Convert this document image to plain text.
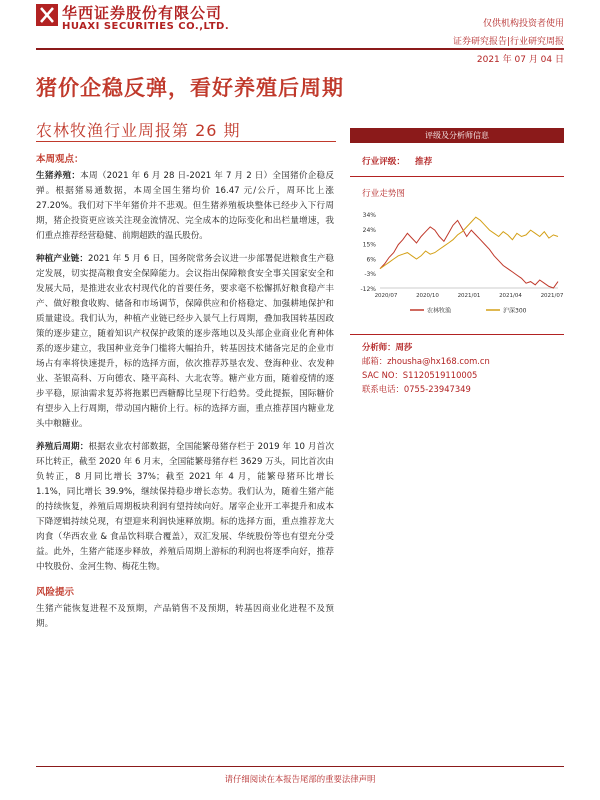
华西证券股份有限公司
HUAXI SECURITIES CO.,LTD.	仅供机构投资者使用
证券研究报告|行业研究周报
2021 年 07 月 04 日
猪价企稳反弹，看好养殖后周期
农林牧渔行业周报第 26 期
本周观点：

生猪养殖：本周（2021 年 6 月 28 日-2021 年 7 月 2 日）全国猪价企稳反弹。根据猪易通数据，本周全国生猪均价 16.47 元/公斤，周环比上涨 27.20%。我们对下半年猪价并不悲观。但生猪养殖板块整体已经步入下行周期，猪企投资更应该关注现金流情况、完全成本的边际变化和出栏量增速，我们重点推荐经营稳健、前期超跌的温氏股份。

种植产业链：2021 年 5 月 6 日，国务院常务会议进一步部署促进粮食生产稳定发展，切实提高粮食安全保障能力。会议指出保障粮食安全事关国家安全和发展大局，是推进农业农村现代化的首要任务，要求毫不松懈抓好粮食稳产丰产、做好粮食收购、储备和市场调节，保障供应和价格稳定、加强耕地保护和质量建设。我们认为，种植产业链已经步入景气上行周期，叠加我国转基因政策的逐步建立，随着知识产权保护政策的逐步落地以及头部企业商业化育种体系的逐步建立，我国种业竞争门槛将大幅抬升，转基因技术储备完足的企业市场占有率将快速提升，标的选择方面，依次推荐苏垦农发、登海种业、农发种业、荃银高科、万向德农、隆平高科、大北农等。糖产业方面，随着疫情的逐步平稳，原油需求复苏将拖累巴西糖醇比呈现下行趋势。受此提振，国际糖价有望步入上行周期，带动国内糖价上行。标的选择方面，重点推荐国内糖业龙头中粮糖业。

养殖后周期：根据农业农村部数据，全国能繁母猪存栏于 2019 年 10 月首次环比转正，截至 2020 年 6 月末，全国能繁母猪存栏 3629 万头，同比首次由负转正，8 月同比增长 37%；截至 2021 年 4 月，能繁母猪环比增长 1.1%，同比增长 39.9%，继续保持稳步增长态势。我们认为，随着生猪产能的持续恢复，养殖后周期板块利润有望持续向好。屠宰企业开工率提升和成本下降逻辑持续兑现，有望迎来利润快速释放期。标的选择方面，重点推荐龙大肉食（华西农业 & 食品饮料联合覆盖），双汇发展、华统股份等也有望充分受益。此外，生猪产能逐步释放，养殖后周期上游标的利润也将逐季向好，推荐中牧股份、金河生物、梅花生物。

风险提示

生猪产能恢复进程不及预期，产品销售不及预期，转基因商业化进程不及预期。

评级及分析师信息
行业评级： 推荐
行业走势图
34%
24%
15%
6%
-3%
-12%
2020/07	2020/10	2021/01	2021/04	2021/07
农林牧渔	沪深300
分析师：周莎
邮箱：zhousha@hx168.com.cn
SAC NO：S1120519110005
联系电话：0755-23947349
请仔细阅读在本报告尾部的重要法律声明
